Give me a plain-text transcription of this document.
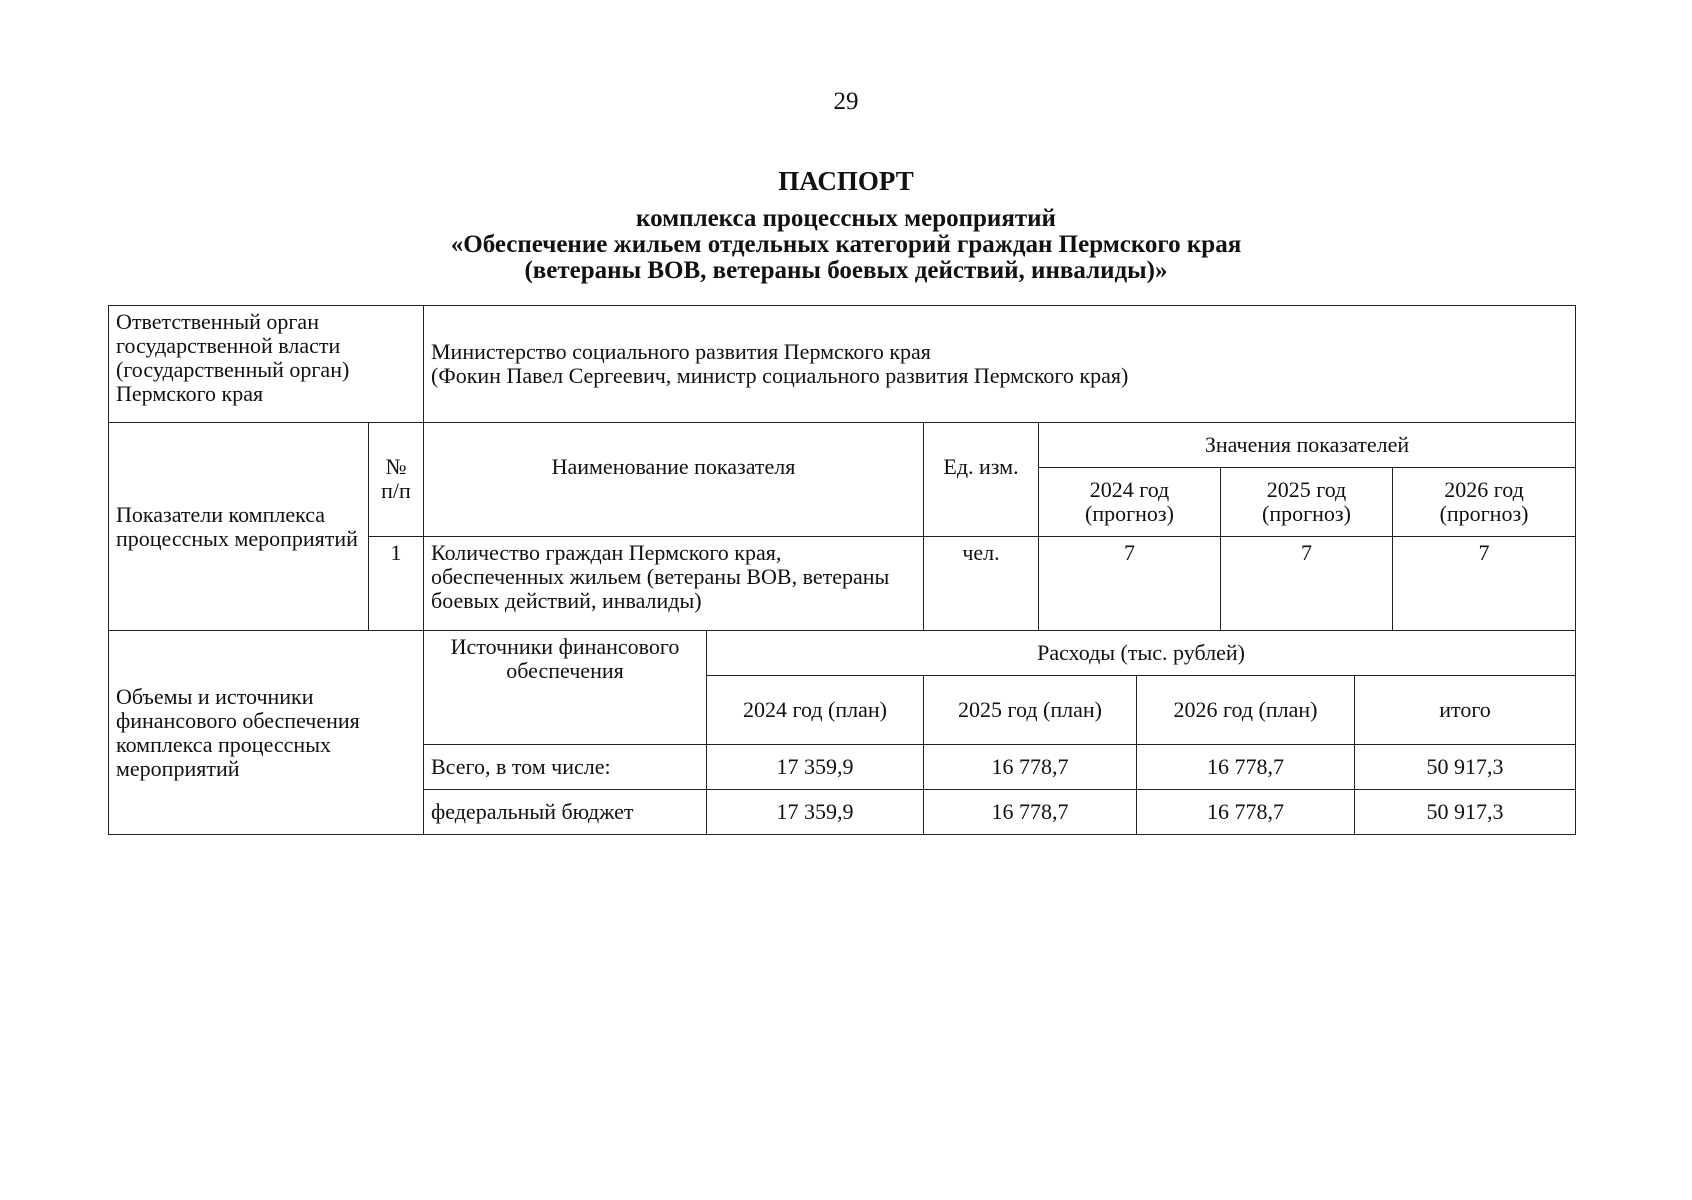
29
ПАСПОРТ
комплекса процессных мероприятий
«Обеспечение жильем отдельных категорий граждан Пермского края
(ветераны ВОВ, ветераны боевых действий, инвалиды)»
Ответственный орган государственной власти (государственный орган) Пермского края		Министерство социального развития Пермского края
(Фокин Павел Сергеевич, министр социального развития Пермского края)							

Показатели комплекса процессных мероприятий	№ п/п	Наименование показателя		Ед. изм.	Значения показателей				
					2024 год (прогноз)		2025 год (прогноз)		2026 год (прогноз)
	1	Количество граждан Пермского края, обеспеченных жильем (ветераны ВОВ, ветераны боевых действий, инвалиды)		чел.	7		7		7
Объемы и источники финансового обеспечения комплекса процессных мероприятий		Источники финансового обеспечения	Расходы (тыс. рублей)						
			2024 год (план)	2025 год (план)		2026 год (план)		итого	
		Всего, в том числе:	17 359,9	16 778,7		16 778,7		50 917,3	
		федеральный бюджет	17 359,9	16 778,7		16 778,7		50 917,3	
